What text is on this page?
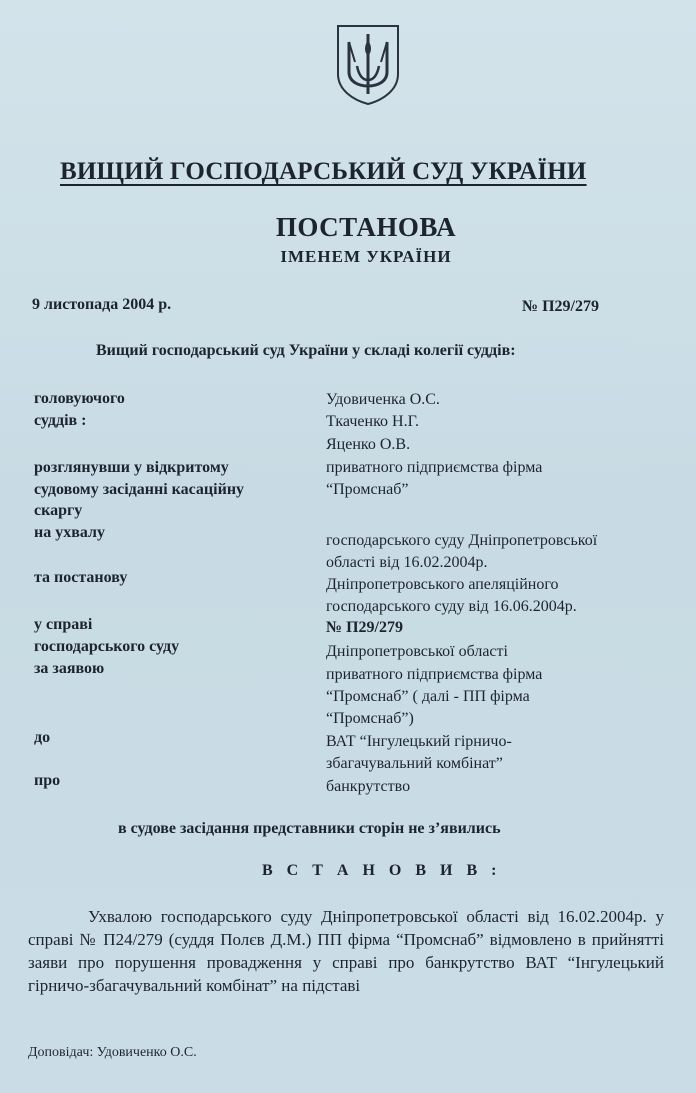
ВИЩИЙ ГОСПОДАРСЬКИЙ СУД УКРАЇНИ
ПОСТАНОВА
ІМЕНЕМ УКРАЇНИ
9 листопада 2004 р.	№ П29/279
Вищий господарський суд України у складі колегії суддів:
головуючого
суддів :
розглянувши у відкритому
судовому засіданні касаційну
скаргу
на ухвалу
та постанову
у справі
господарського суду
за заявою
до
про
Удовиченка О.С.
Ткаченко Н.Г.
Яценко О.В.
приватного підприємства фірма
“Промснаб”
господарського суду Дніпропетровської
області від 16.02.2004р.
Дніпропетровського апеляційного
господарського суду від 16.06.2004р.
№ П29/279
Дніпропетровської області
приватного підприємства фірма
“Промснаб” ( далі - ПП фірма
“Промснаб”)
ВАТ “Інгулецький гірничо-
збагачувальний комбінат”
банкрутство
в судове засідання представники сторін не з’явились
В С Т А Н О В И В :
Ухвалою господарського суду Дніпропетровської області від 16.02.2004р. у справі № П24/279 (суддя Полєв Д.М.) ПП фірма “Промснаб” відмовлено в прийнятті заяви про порушення провадження у справі про банкрутство ВАТ “Інгулецький гірничо-збагачувальний комбінат” на підставі
Доповідач: Удовиченко О.С.
